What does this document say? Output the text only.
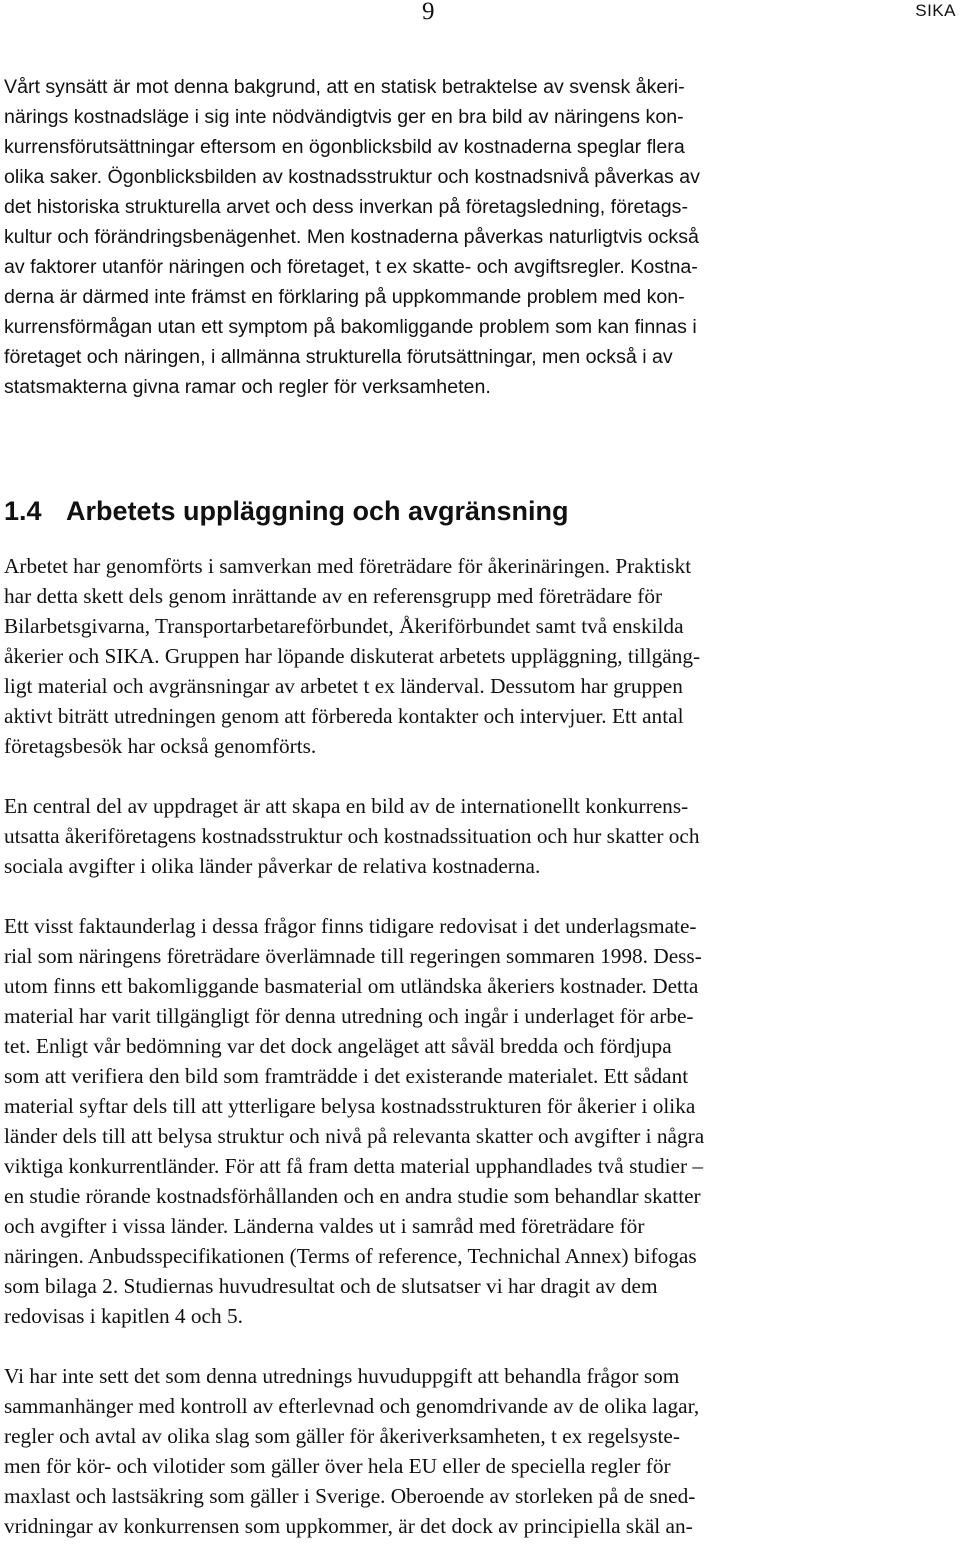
9	SIKA

Vårt synsätt är mot denna bakgrund, att en statisk betraktelse av svensk åkeri-
närings kostnadsläge i sig inte nödvändigtvis ger en bra bild av näringens kon-
kurrensförutsättningar eftersom en ögonblicksbild av kostnaderna speglar flera
olika saker. Ögonblicksbilden av kostnadsstruktur och kostnadsnivå påverkas av
det historiska strukturella arvet och dess inverkan på företagsledning, företags-
kultur och förändringsbenägenhet. Men kostnaderna påverkas naturligtvis också
av faktorer utanför näringen och företaget, t ex skatte- och avgiftsregler. Kostna-
derna är därmed inte främst en förklaring på uppkommande problem med kon-
kurrensförmågan utan ett symptom på bakomliggande problem som kan finnas i
företaget och näringen, i allmänna strukturella förutsättningar, men också i av
statsmakterna givna ramar och regler för verksamheten.

1.4 Arbetets uppläggning och avgränsning

Arbetet har genomförts i samverkan med företrädare för åkerinäringen. Praktiskt
har detta skett dels genom inrättande av en referensgrupp med företrädare för
Bilarbetsgivarna, Transportarbetareförbundet, Åkeriförbundet samt två enskilda
åkerier och SIKA. Gruppen har löpande diskuterat arbetets uppläggning, tillgäng-
ligt material och avgränsningar av arbetet t ex länderval. Dessutom har gruppen
aktivt biträtt utredningen genom att förbereda kontakter och intervjuer. Ett antal
företagsbesök har också genomförts.

En central del av uppdraget är att skapa en bild av de internationellt konkurrens-
utsatta åkeriföretagens kostnadsstruktur och kostnadssituation och hur skatter och
sociala avgifter i olika länder påverkar de relativa kostnaderna.

Ett visst faktaunderlag i dessa frågor finns tidigare redovisat i det underlagsmate-
rial som näringens företrädare överlämnade till regeringen sommaren 1998. Dess-
utom finns ett bakomliggande basmaterial om utländska åkeriers kostnader. Detta
material har varit tillgängligt för denna utredning och ingår i underlaget för arbe-
tet. Enligt vår bedömning var det dock angeläget att såväl bredda och fördjupa
som att verifiera den bild som framträdde i det existerande materialet. Ett sådant
material syftar dels till att ytterligare belysa kostnadsstrukturen för åkerier i olika
länder dels till att belysa struktur och nivå på relevanta skatter och avgifter i några
viktiga konkurrentländer. För att få fram detta material upphandlades två studier –
en studie rörande kostnadsförhållanden och en andra studie som behandlar skatter
och avgifter i vissa länder. Länderna valdes ut i samråd med företrädare för
näringen. Anbudsspecifikationen (Terms of reference, Technichal Annex) bifogas
som bilaga 2. Studiernas huvudresultat och de slutsatser vi har dragit av dem
redovisas i kapitlen 4 och 5.

Vi har inte sett det som denna utrednings huvuduppgift att behandla frågor som
sammanhänger med kontroll av efterlevnad och genomdrivande av de olika lagar,
regler och avtal av olika slag som gäller för åkeriverksamheten, t ex regelsyste-
men för kör- och vilotider som gäller över hela EU eller de speciella regler för
maxlast och lastsäkring som gäller i Sverige. Oberoende av storleken på de sned-
vridningar av konkurrensen som uppkommer, är det dock av principiella skäl an-
